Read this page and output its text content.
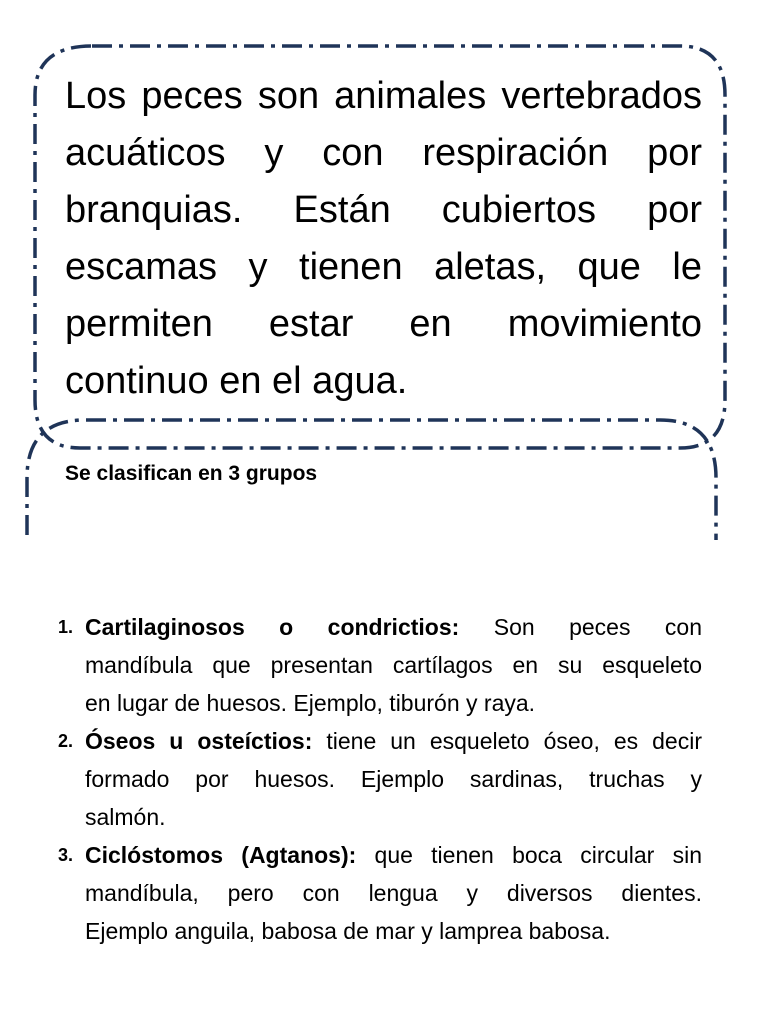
Los peces son animales vertebrados
acuáticos y con respiración por
branquias. Están cubiertos por
escamas y tienen aletas, que le
permiten estar en movimiento
continuo en el agua.

Se clasifican en 3 grupos

1. Cartilaginosos o condrictios: Son peces con
mandíbula que presentan cartílagos en su esqueleto
en lugar de huesos. Ejemplo, tiburón y raya.
2. Óseos u osteíctios: tiene un esqueleto óseo, es decir
formado por huesos. Ejemplo sardinas, truchas y
salmón.
3. Ciclóstomos (Agtanos): que tienen boca circular sin
mandíbula, pero con lengua y diversos dientes.
Ejemplo anguila, babosa de mar y lamprea babosa.
